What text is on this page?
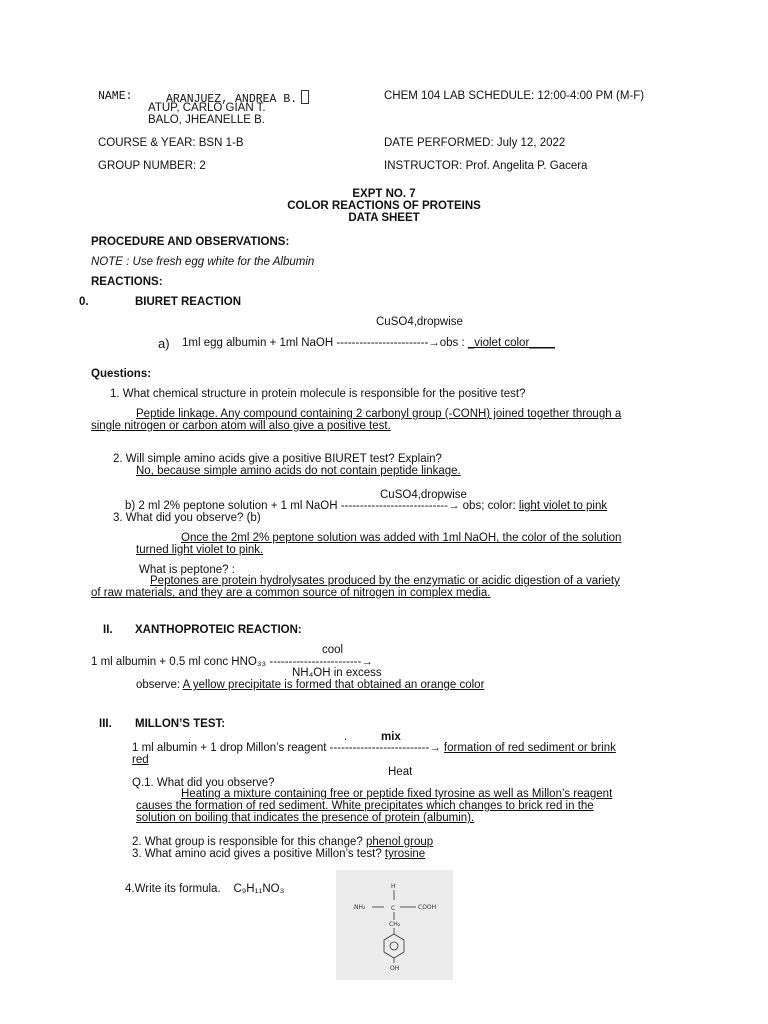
NAME:	ARANJUEZ, ANDREA B.
ATUP, CARLO GIAN T.
BALO, JHEANELLE B.
CHEM 104 LAB SCHEDULE: 12:00-4:00 PM (M-F)
COURSE & YEAR: BSN 1-B	DATE PERFORMED: July 12, 2022
GROUP NUMBER: 2	INSTRUCTOR: Prof. Angelita P. Gacera
EXPT NO. 7
COLOR REACTIONS OF PROTEINS
DATA SHEET
PROCEDURE AND OBSERVATIONS:
NOTE : Use fresh egg white for the Albumin
REACTIONS:
0.	BIURET REACTION
CuSO4,dropwise
a) 1ml egg albumin + 1ml NaOH ------------------------→obs : _violet color____
Questions:
1. What chemical structure in protein molecule is responsible for the positive test?
Peptide linkage. Any compound containing 2 carbonyl group (-CONH) joined together through a
single nitrogen or carbon atom will also give a positive test.
2. Will simple amino acids give a positive BIURET test? Explain?
No, because simple amino acids do not contain peptide linkage.
CuSO4,dropwise
b) 2 ml 2% peptone solution + 1 ml NaOH ----------------------------→ obs; color: light violet to pink
3. What did you observe? (b)
Once the 2ml 2% peptone solution was added with 1ml NaOH, the color of the solution
turned light violet to pink.
What is peptone? :
Peptones are protein hydrolysates produced by the enzymatic or acidic digestion of a variety
of raw materials, and they are a common source of nitrogen in complex media.
II. XANTHOPROTEIC REACTION:
cool
1 ml albumin + 0.5 ml conc HNO₃₃ ------------------------→
NH₄OH in excess
observe: A yellow precipitate is formed that obtained an orange color
III. MILLON’S TEST:
.	mix
1 ml albumin + 1 drop Millon’s reagent --------------------------→ formation of red sediment or brink
red
Heat
Q.1. What did you observe?
Heating a mixture containing free or peptide fixed tyrosine as well as Millon’s reagent
causes the formation of red sediment. White precipitates which changes to brick red in the
solution on boiling that indicates the presence of protein (albumin).
2. What group is responsible for this change? phenol group
3. What amino acid gives a positive Millon’s test? tyrosine
4.Write its formula. C₉H₁₁NO₃	H
NH₂	C	COOH
CH₂
OH
